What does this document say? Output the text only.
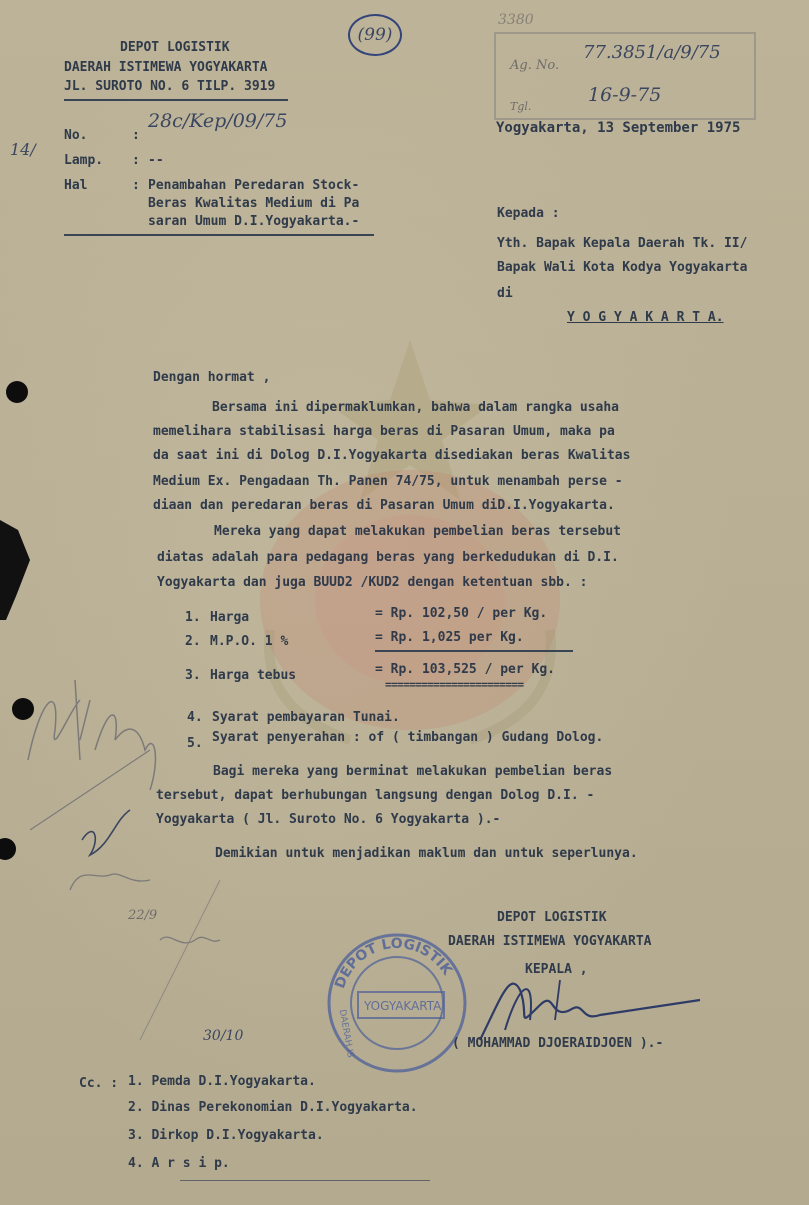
DEPOT LOGISTIK
DAERAH ISTIMEWA YOGYAKARTA
JL. SUROTO NO. 6 TILP. 3919
(99)
3380
Ag. No.
77.3851/a/9/75
Tgl.
16-9-75
14/
No.	:
28c/Kep/09/75
Lamp. : --
Hal	: Penambahan Peredaran Stock-
Beras Kwalitas Medium di Pa
saran Umum D.I.Yogyakarta.-
Yogyakarta, 13 September 1975
Kepada :
Yth. Bapak Kepala Daerah Tk. II/
Bapak Wali Kota Kodya Yogyakarta
di
Y O G Y A K A R T A.
Dengan hormat ,
Bersama ini dipermaklumkan, bahwa dalam rangka usaha
memelihara stabilisasi harga beras di Pasaran Umum, maka pa
da saat ini di Dolog D.I.Yogyakarta disediakan beras Kwalitas
Medium Ex. Pengadaan Th. Panen 74/75, untuk menambah perse -
diaan dan peredaran beras di Pasaran Umum diD.I.Yogyakarta.
Mereka yang dapat melakukan pembelian beras tersebut
diatas adalah para pedagang beras yang berkedudukan di D.I.
Yogyakarta dan juga BUUD2 /KUD2 dengan ketentuan sbb. :
1. Harga	= Rp. 102,50 / per Kg.
2. M.P.O. 1 %	= Rp. 1,025 per Kg.
3. Harga tebus	= Rp. 103,525 / per Kg.
=======================
4. Syarat pembayaran Tunai.
5. Syarat penyerahan : of ( timbangan ) Gudang Dolog.
Bagi mereka yang berminat melakukan pembelian beras
tersebut, dapat berhubungan langsung dengan Dolog D.I. -
Yogyakarta ( Jl. Suroto No. 6 Yogyakarta ).-
Demikian untuk menjadikan maklum dan untuk seperlunya.
DEPOT LOGISTIK
DAERAH ISTIMEWA YOGYAKARTA
KEPALA ,
DEPOT LOGISTIK
YOGYAKARTA
DAERAH IS	( MOHAMMAD DJOERAIDJOEN ).-
22/9
30/10
Cc. : 1. Pemda D.I.Yogyakarta.
2. Dinas Perekonomian D.I.Yogyakarta.
3. Dirkop D.I.Yogyakarta.
4. A r s i p.
